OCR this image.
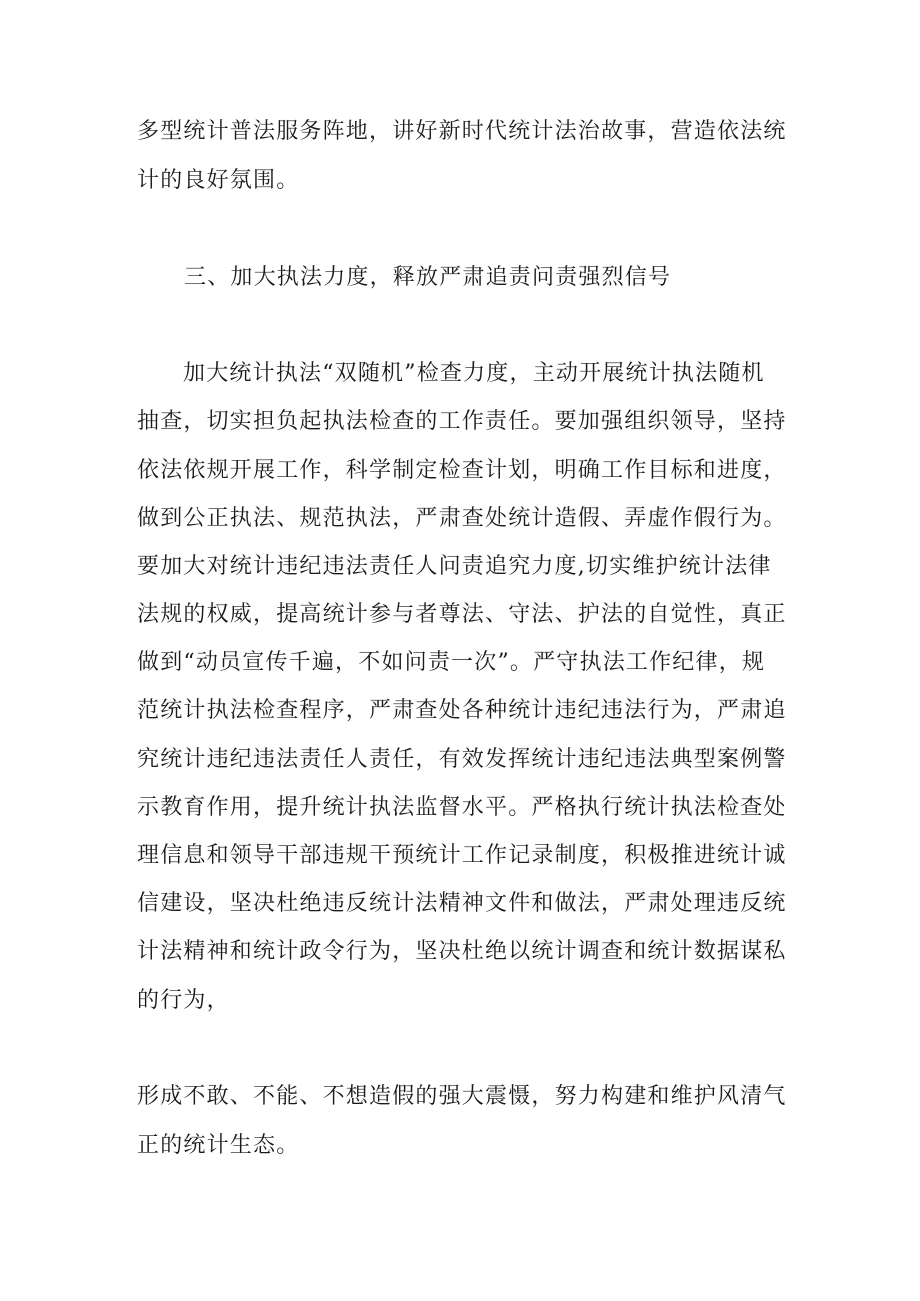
多型统计普法服务阵地，讲好新时代统计法治故事，营造依法统

计的良好氛围。

三、加大执法力度，释放严肃追责问责强烈信号

加大统计执法“双随机”检查力度，主动开展统计执法随机

抽查，切实担负起执法检查的工作责任。要加强组织领导，坚持

依法依规开展工作，科学制定检查计划，明确工作目标和进度，

做到公正执法、规范执法，严肃查处统计造假、弄虚作假行为。

要加大对统计违纪违法责任人问责追究力度,切实维护统计法律

法规的权威，提高统计参与者尊法、守法、护法的自觉性，真正

做到“动员宣传千遍，不如问责一次”。严守执法工作纪律，规

范统计执法检查程序，严肃查处各种统计违纪违法行为，严肃追

究统计违纪违法责任人责任，有效发挥统计违纪违法典型案例警

示教育作用，提升统计执法监督水平。严格执行统计执法检查处

理信息和领导干部违规干预统计工作记录制度，积极推进统计诚

信建设，坚决杜绝违反统计法精神文件和做法，严肃处理违反统

计法精神和统计政令行为，坚决杜绝以统计调查和统计数据谋私

的行为，

形成不敢、不能、不想造假的强大震慑，努力构建和维护风清气

正的统计生态。
